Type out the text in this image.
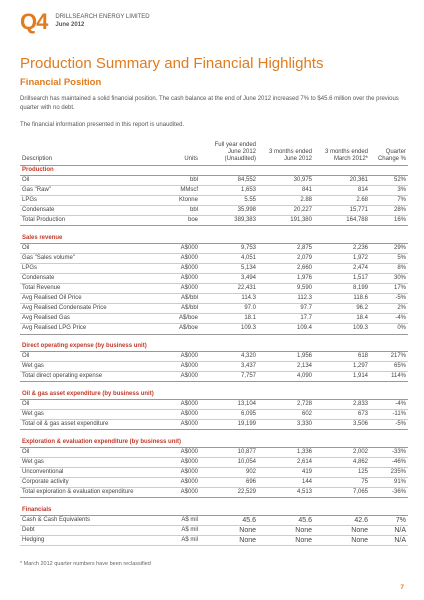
Q4 DRILLSEARCH ENERGY LIMITED
June 2012
Production Summary and Financial Highlights
Financial Position

Drillsearch has maintained a solid financial position. The cash balance at the end of June 2012 increased 7% to $45.6 million over the previous quarter with no debt.

The financial information presented in this report is unaudited.

Description	Units	Full year ended June 2012 (Unaudited)	3 months ended June 2012	3 months ended March 2012*	Quarter Change %
Production					
Oil	bbl	84,552	30,975	20,361	52%
Gas "Raw"	MMscf	1,653	841	814	3%
LPGs	Ktonne	5.55	2.88	2.68	7%
Condensate	bbl	35,998	20,227	15,771	28%
Total Production	boe	389,383	191,380	164,788	16%

Sales revenue					
Oil	A$000	9,753	2,875	2,236	29%
Gas "Sales volume"	A$000	4,051	2,079	1,972	5%
LPGs	A$000	5,134	2,660	2,474	8%
Condensate	A$000	3,494	1,976	1,517	30%
Total Revenue	A$000	22,431	9,590	8,199	17%
Avg Realised Oil Price	A$/bbl	114.3	112.3	118.6	-5%
Avg Realised Condensate Price	A$/bbl	97.0	97.7	96.2	2%
Avg Realised Gas	A$/boe	18.1	17.7	18.4	-4%
Avg Realised LPG Price	A$/boe	109.3	109.4	109.3	0%

Direct operating expense (by business unit)					
Oil	A$000	4,320	1,956	618	217%
Wet gas	A$000	3,437	2,134	1,297	65%
Total direct operating expense	A$000	7,757	4,090	1,914	114%

Oil & gas asset expenditure (by business unit)					
Oil	A$000	13,104	2,728	2,833	-4%
Wet gas	A$000	6,095	602	673	-11%
Total oil & gas asset expenditure	A$000	19,199	3,330	3,506	-5%

Exploration & evaluation expenditure (by business unit)					
Oil	A$000	10,877	1,336	2,002	-33%
Wet gas	A$000	10,054	2,614	4,862	-46%
Unconventional	A$000	902	419	125	235%
Corporate activity	A$000	696	144	75	91%
Total exploration & evaluation expenditure	A$000	22,529	4,513	7,065	-36%

Financials					
Cash & Cash Equivalents	A$ mil	45.6	45.6	42.6	7%
Debt	A$ mil	None	None	None	N/A
Hedging	A$ mil	None	None	None	N/A
* March 2012 quarter numbers have been reclassified
7
